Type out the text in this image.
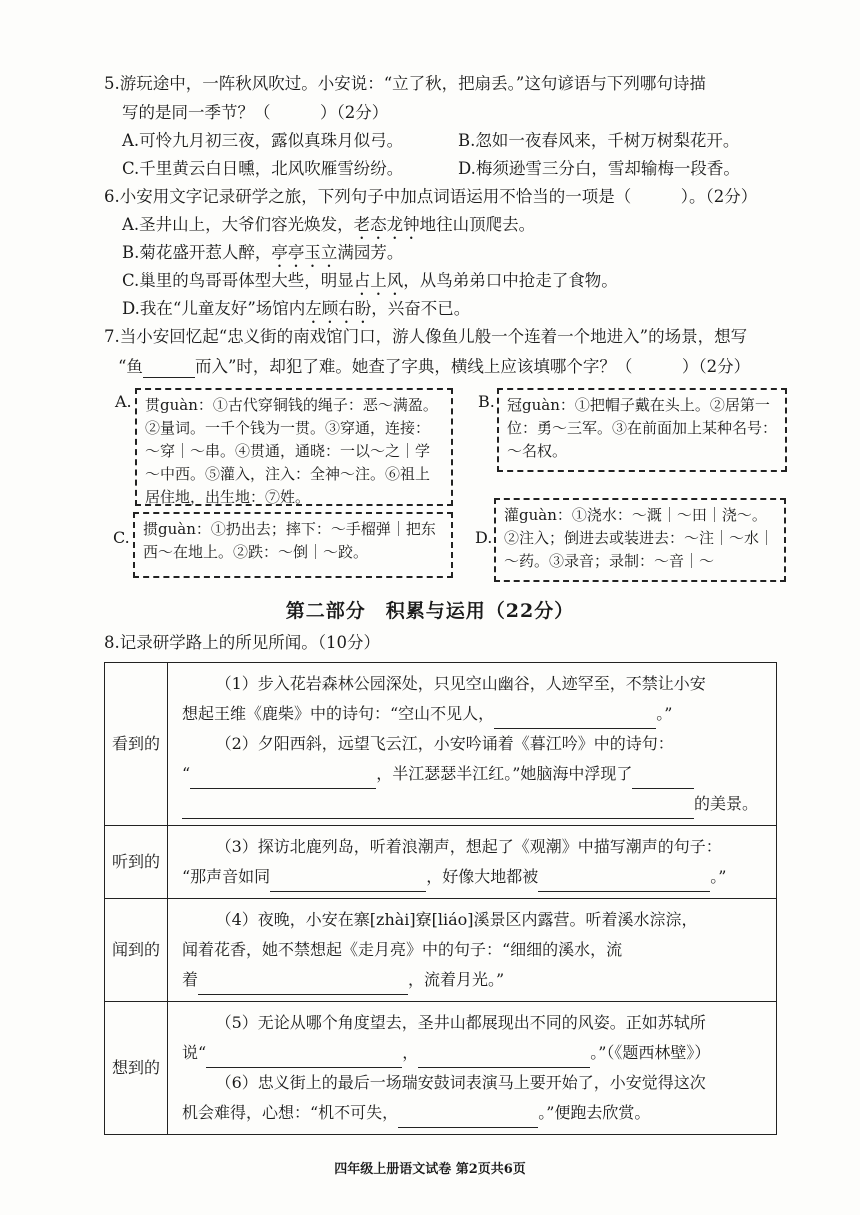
5.游玩途中，一阵秋风吹过。小安说：“立了秋，把扇丢。”这句谚语与下列哪句诗描
写的是同一季节？（　　　）（2分）
A.可怜九月初三夜，露似真珠月似弓。	B.忽如一夜春风来，千树万树梨花开。
C.千里黄云白日曛，北风吹雁雪纷纷。	D.梅须逊雪三分白，雪却输梅一段香。
6.小安用文字记录研学之旅，下列句子中加点词语运用不恰当的一项是（　　　）。（2分）
A.圣井山上，大爷们容光焕发，老态龙钟地往山顶爬去。
B.菊花盛开惹人醉，亭亭玉立满园芳。
C.巢里的鸟哥哥体型大些，明显占上风，从鸟弟弟口中抢走了食物。
D.我在“儿童友好”场馆内左顾右盼，兴奋不已。
7.当小安回忆起“忠义街的南戏馆门口，游人像鱼儿般一个连着一个地进入”的场景，想写
“鱼	而入”时，却犯了难。她查了字典，横线上应该填哪个字？（　　　）（2分）
A. 贯guàn：①古代穿铜钱的绳子：恶～满盈。②量词。一千个钱为一贯。③穿通，连接：～穿｜～串。④贯通，通晓：一以～之｜学～中西。⑤灌入，注入：全神～注。⑥祖上居住地，出生地：⑦姓。
B. 冠guàn：①把帽子戴在头上。②居第一位：勇～三军。③在前面加上某种名号：～名权。
C. 掼guàn：①扔出去；摔下：～手榴弹｜把东西～在地上。②跌：～倒｜～跤。
D.
灌guàn：①浇水：～溉｜～田｜浇～。②注入；倒进去或装进去：～注｜～水｜～药。③录音；录制：～音｜～
第二部分　积累与运用（22分）
8.记录研学路上的所见所闻。（10分）
看到的	（1）步入花岩森林公园深处，只见空山幽谷，人迹罕至，不禁让小安
想起王维《鹿柴》中的诗句：“空山不见人， 。”
（2）夕阳西斜，远望飞云江，小安吟诵着《暮江吟》中的诗句：
“ ，半江瑟瑟半江红。”她脑海中浮现了
的美景。

听到的	（3）探访北鹿列岛，听着浪潮声，想起了《观潮》中描写潮声的句子：
“那声音如同 ，好像大地都被 。”

闻到的	（4）夜晚，小安在寨[zhài]寮[liáo]溪景区内露营。听着溪水淙淙，
闻着花香，她不禁想起《走月亮》中的句子：“细细的溪水，流
着 ，流着月光。”

想到的	（5）无论从哪个角度望去，圣井山都展现出不同的风姿。正如苏轼所
说“ ， 。”（《题西林壁》）
（6）忠义街上的最后一场瑞安鼓词表演马上要开始了，小安觉得这次
机会难得，心想：“机不可失， 。”便跑去欣赏。
四年级上册语文试卷 第2页共6页
